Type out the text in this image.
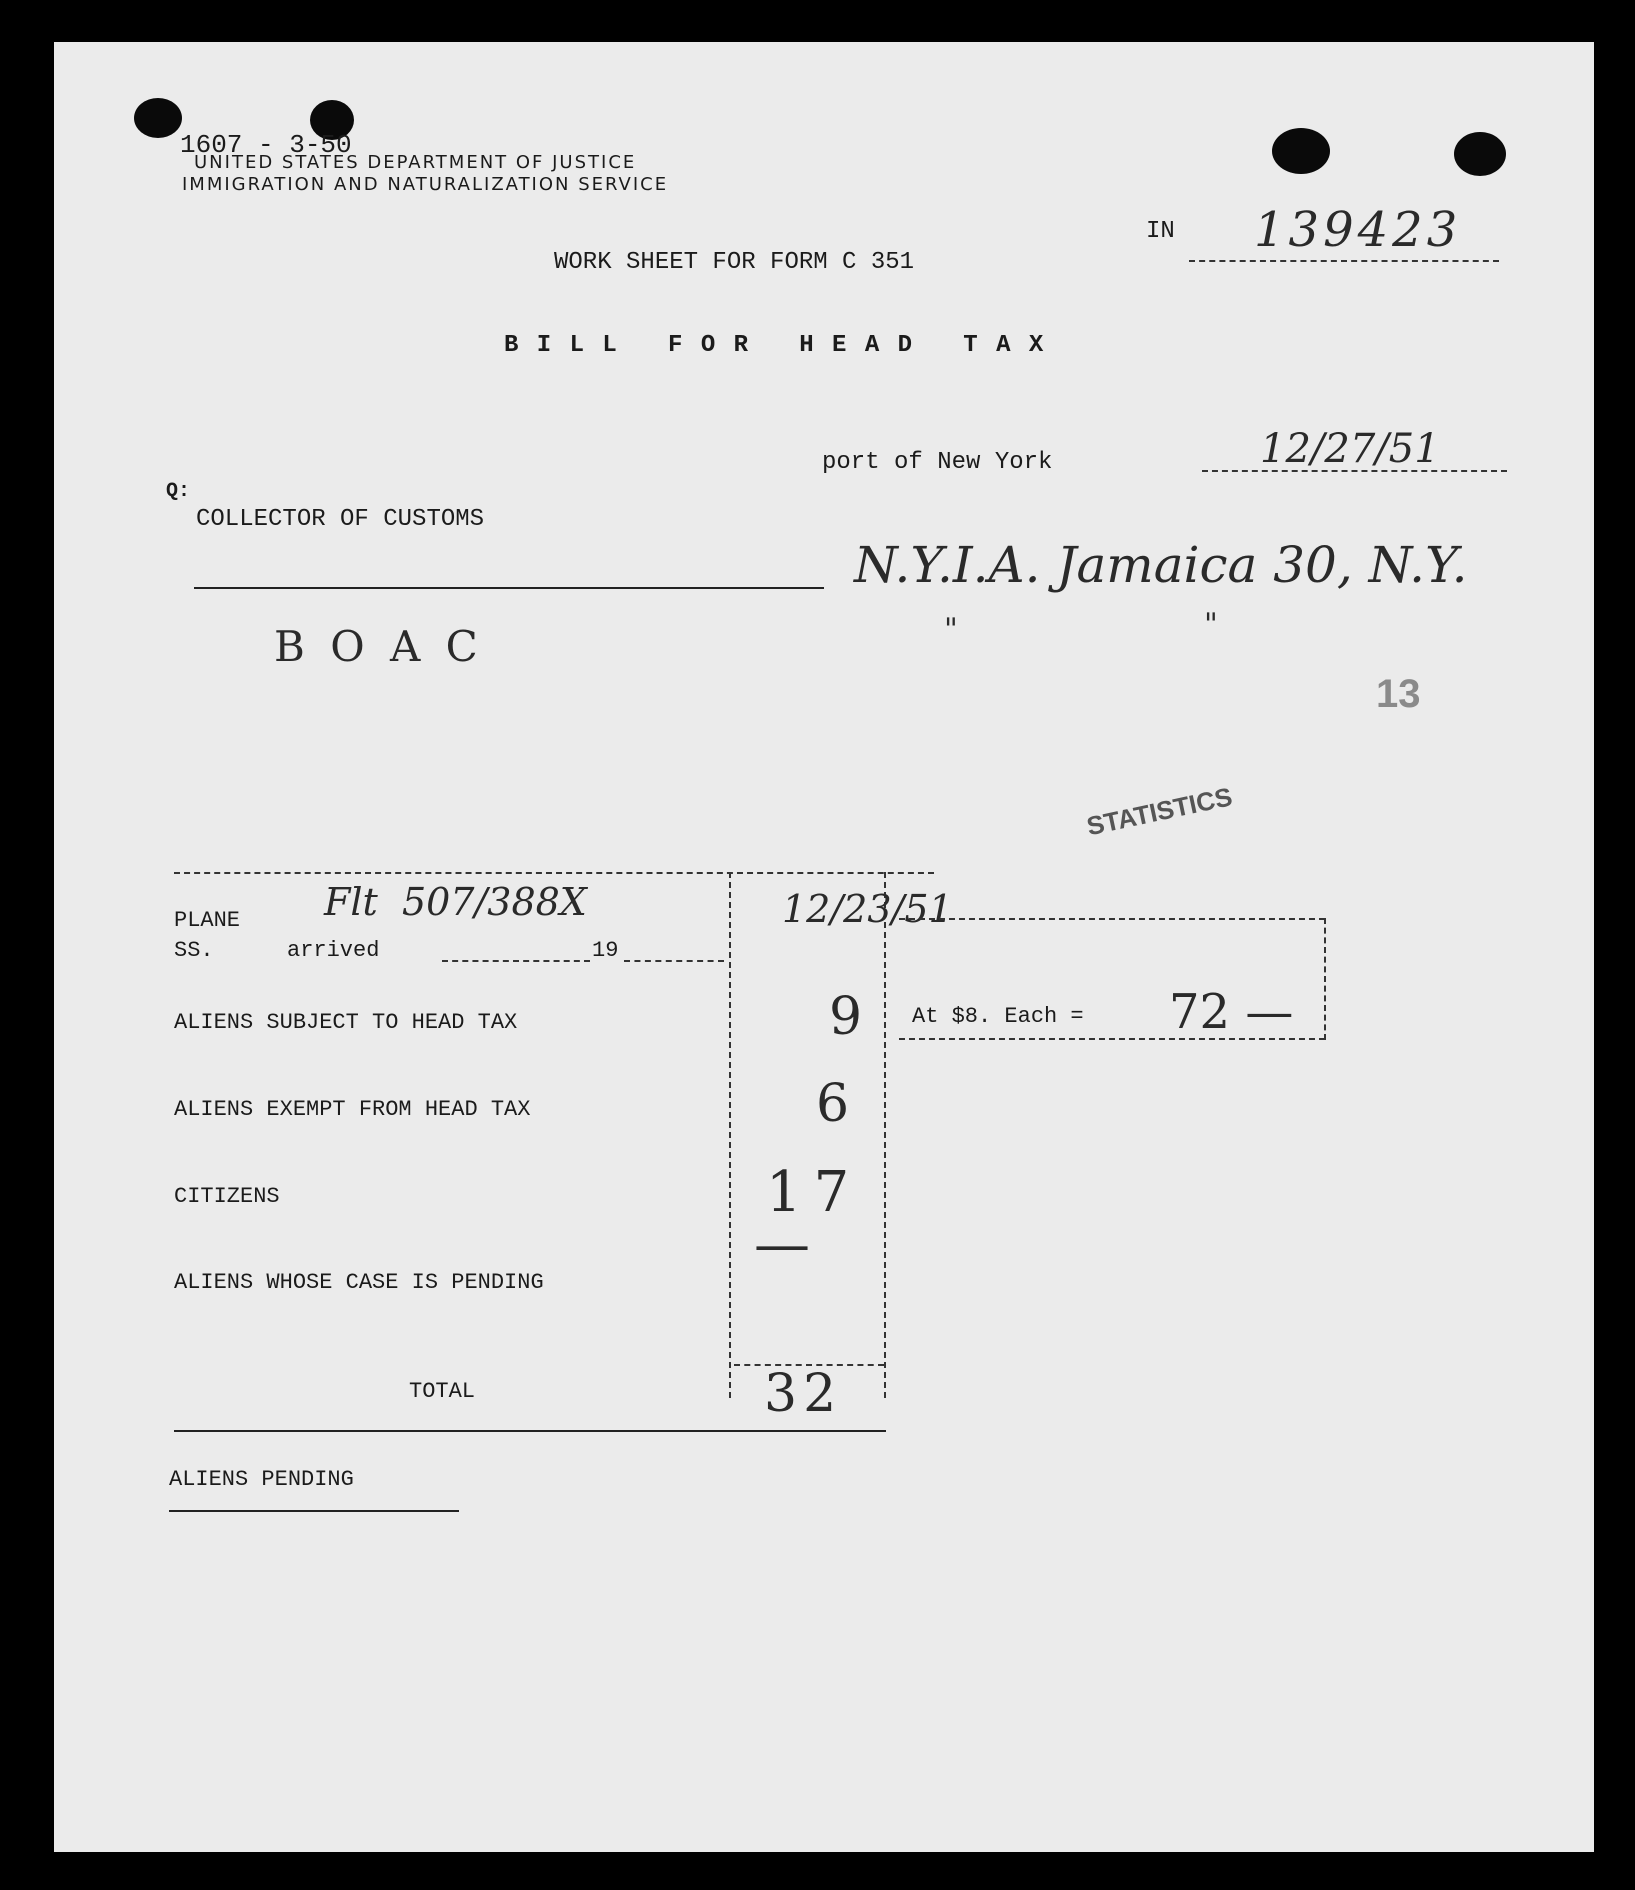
1607 - 3-50
UNITED STATES DEPARTMENT OF JUSTICE
IMMIGRATION AND NATURALIZATION SERVICE
IN 139423
WORK SHEET FOR FORM C 351
B I L L   F O R   H E A D   T A X
port of New York	12/27/51
Q:
COLLECTOR OF CUSTOMS
N.Y.I.A. Jamaica 30, N.Y.
"	"
B O A C
13
STATISTICS
PLANE
SS.	arrived	19
Flt  507/388X	12/23/51
ALIENS SUBJECT TO HEAD TAX	9
ALIENS EXEMPT FROM HEAD TAX	6
CITIZENS	17
ALIENS WHOSE CASE IS PENDING
—
TOTAL	32
At $8. Each = 72 —
ALIENS PENDING
